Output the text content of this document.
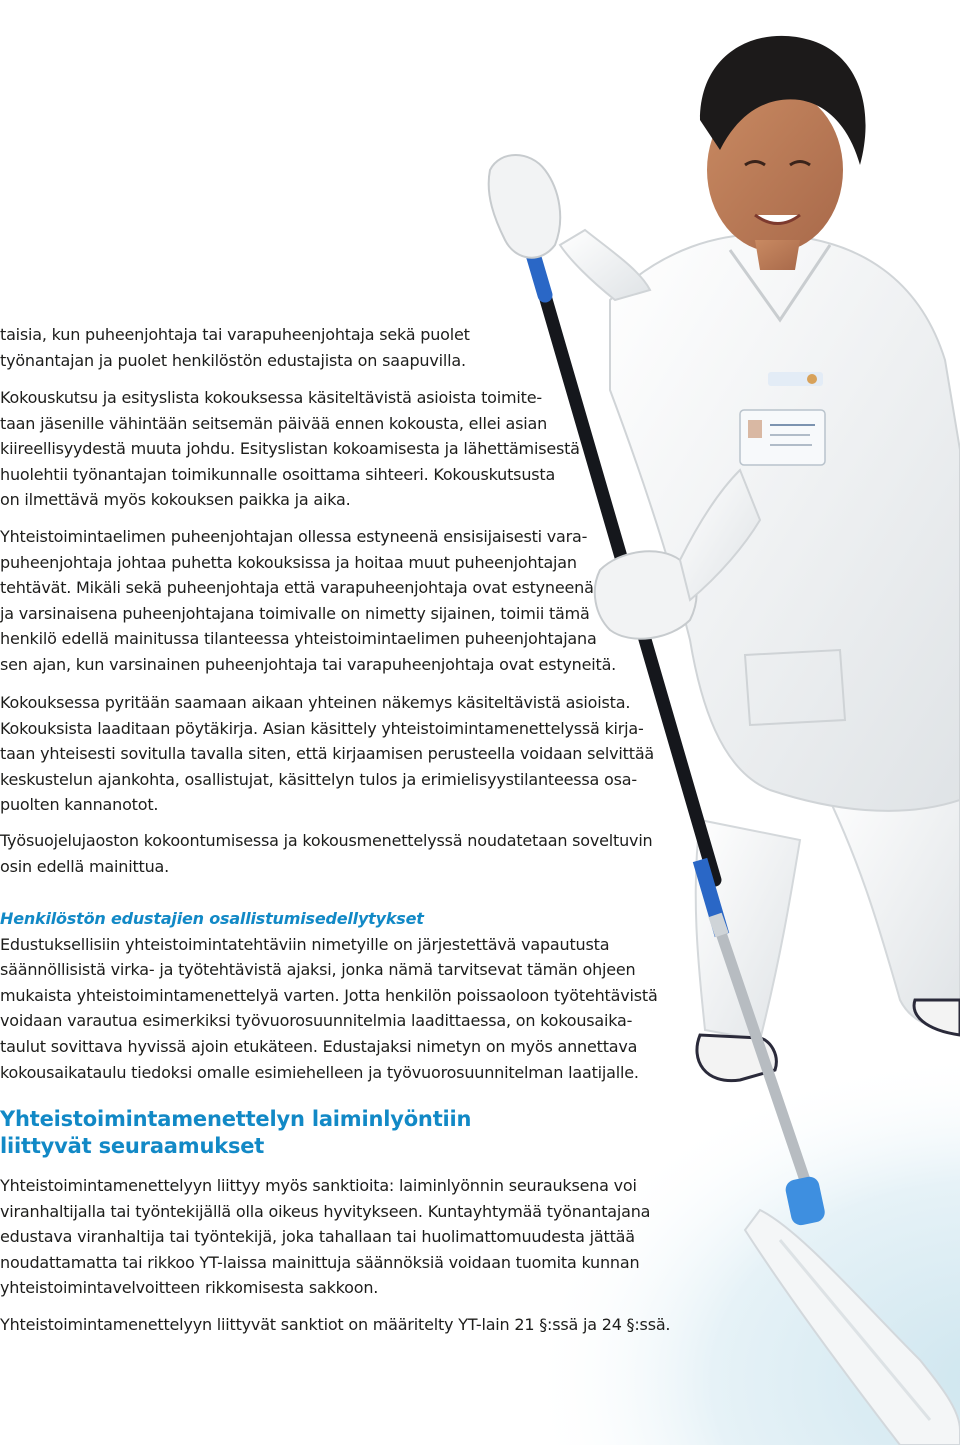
taisia, kun puheenjohtaja tai varapuheenjohtaja sekä puolet
työnantajan ja puolet henkilöstön edustajista on saapuvilla.
Kokouskutsu ja esityslista kokouksessa käsiteltävistä asioista toimite-
taan jäsenille vähintään seitsemän päivää ennen kokousta, ellei asian
kiireellisyydestä muuta johdu. Esityslistan kokoamisesta ja lähettämisestä
huolehtii työnantajan toimikunnalle osoittama sihteeri. Kokouskutsusta
on ilmettävä myös kokouksen paikka ja aika.
Yhteistoimintaelimen puheenjohtajan ollessa estyneenä ensisijaisesti vara-
puheenjohtaja johtaa puhetta kokouksissa ja hoitaa muut puheenjohtajan
tehtävät. Mikäli sekä puheenjohtaja että varapuheenjohtaja ovat estyneenä
ja varsinaisena puheenjohtajana toimivalle on nimetty sijainen, toimii tämä
henkilö edellä mainitussa tilanteessa yhteistoimintaelimen puheenjohtajana
sen ajan, kun varsinainen puheenjohtaja tai varapuheenjohtaja ovat estyneitä.
Kokouksessa pyritään saamaan aikaan yhteinen näkemys käsiteltävistä asioista.
Kokouksista laaditaan pöytäkirja. Asian käsittely yhteistoimintamenettelyssä kirja-
taan yhteisesti sovitulla tavalla siten, että kirjaamisen perusteella voidaan selvittää
keskustelun ajankohta, osallistujat, käsittelyn tulos ja erimielisyystilanteessa osa-
puolten kannanotot.
Työsuojelujaoston kokoontumisessa ja kokousmenettelyssä noudatetaan soveltuvin
osin edellä mainittua.
Henkilöstön edustajien osallistumisedellytykset
Edustuksellisiin yhteistoimintatehtäviin nimetyille on järjestettävä vapautusta
säännöllisistä virka- ja työtehtävistä ajaksi, jonka nämä tarvitsevat tämän ohjeen
mukaista yhteistoimintamenettelyä varten. Jotta henkilön poissaoloon työtehtävistä
voidaan varautua esimerkiksi työvuorosuunnitelmia laadittaessa, on kokousaika-
taulut sovittava hyvissä ajoin etukäteen. Edustajaksi nimetyn on myös annettava
kokousaikataulu tiedoksi omalle esimiehelleen ja työvuorosuunnitelman laatijalle.
Yhteistoimintamenettelyn laiminlyöntiin
liittyvät seuraamukset
Yhteistoimintamenettelyyn liittyy myös sanktioita: laiminlyönnin seurauksena voi
viranhaltijalla tai työntekijällä olla oikeus hyvitykseen. Kuntayhtymää työnantajana
edustava viranhaltija tai työntekijä, joka tahallaan tai huolimattomuudesta jättää
noudattamatta tai rikkoo YT-laissa mainittuja säännöksiä voidaan tuomita kunnan
yhteistoimintavelvoitteen rikkomisesta sakkoon.
Yhteistoimintamenettelyyn liittyvät sanktiot on määritelty YT-lain 21 §:ssä ja 24 §:ssä.
